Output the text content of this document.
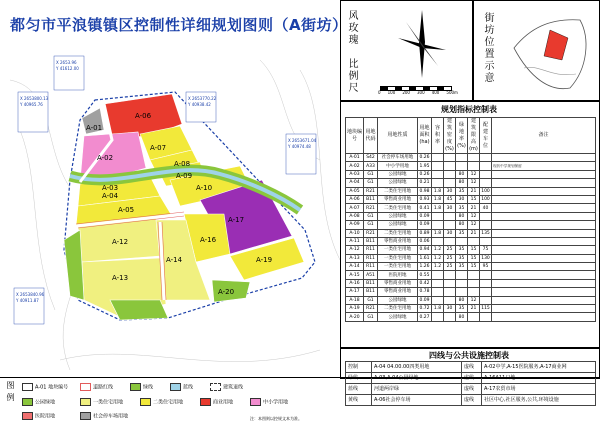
A-06
A-02
A-01
A-07
A-08
A-09
A-03
A-04
A-05
A-10
A-17
A-16
A-19
A-12
A-14
A-13
A-20
X 2653.96
Y 41612.00
X 2653800.13
Y 40965.76
X 2653770.22
Y 40938.42
X 2653671.04
Y 40974.48
X 2653840.96
Y 40911.87
都匀市平浪镇镇区控制性详细规划图则（A街坊）
风玫瑰　比例尺	0 100 200 300 400 500m
街坊位置示意
规划指标控制表
地块编号	用地代码	用地性质	用地面积(ha)	容积率	建筑密度(%)	绿地率(%)	建筑限高(m)	配建车位	备注
A-01	S42	社会停车场用地	0.26						
A-02	A33	中小学用地	1.95						现状中学规划保留
A-03	G1	公园绿地	0.26			80	12		
A-04	G1	公园绿地	0.21			80	12		
A-05	R21	二类住宅用地	0.98	1.8	30	35	21	100	
A-06	B11	零售商业用地	0.93	1.8	45	30	15	100	
A-07	R21	二类住宅用地	0.41	1.8	30	35	21	40	
A-08	G1	公园绿地	0.09			80	12		
A-09	G1	公园绿地	0.09			80	12		
A-10	R21	二类住宅用地	0.89	1.8	30	35	21	135	
A-11	B11	零售商业用地	0.06						
A-12	R11	一类住宅用地	0.94	1.2	25	35	15	75	
A-13	R11	一类住宅用地	1.61	1.2	25	35	15	130	
A-14	R11	一类住宅用地	1.26	1.2	25	35	15	95	
A-15	A51	医院用地	0.55						
A-16	B11	零售商业用地	0.42						
A-17	B11	零售商业用地	0.78						
A-18	G1	公园绿地	0.09			80	12		
A-19	R21	二类住宅用地	0.72	1.8	30	35	21	115	
A-20	G1	公园绿地	0.27			80			
四线与公共设施控制表
控制	A-04 04.00.00四类用地	虚线	A-02中学,A-15医院服务,A-17商业网
绿线	A-03,A-04公园绿地	虚线	A-16A11口地
蓝线	河道两岸绿	虚线	A-17农贸市场
黄线	A-06社会停车场	虚线	社区中心,社区服务,公共,环境设施
图例	A-01 地块编号	道路红线	绿线	蓝线	建筑退线
公园绿地	一类住宅用地	二类住宅用地	商业用地	中小学用地
医院用地	社会停车场用地	注：本图则以控规文本为准。
